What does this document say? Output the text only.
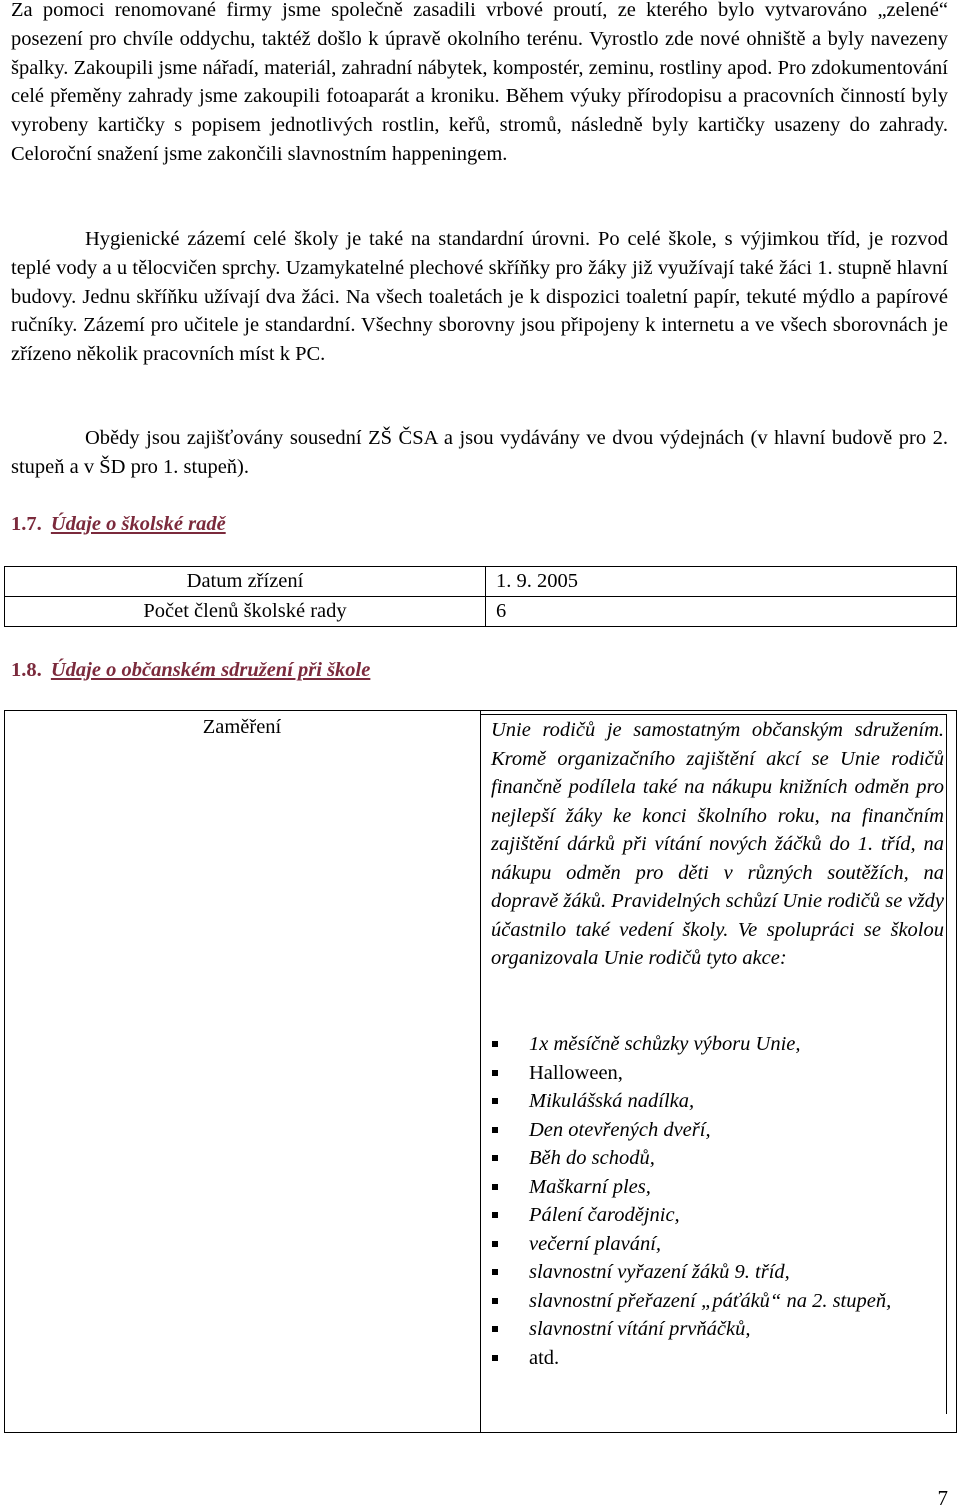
Za pomoci renomované firmy jsme společně zasadili vrbové proutí, ze kterého bylo vytvarováno „zelené“ posezení pro chvíle oddychu, taktéž došlo k úpravě okolního terénu. Vyrostlo zde nové ohniště a byly navezeny špalky. Zakoupili jsme nářadí, materiál, zahradní nábytek, kompostér, zeminu, rostliny apod. Pro zdokumentování celé přeměny zahrady jsme zakoupili fotoaparát a kroniku. Během výuky přírodopisu a pracovních činností byly vyrobeny kartičky s popisem jednotlivých rostlin, keřů, stromů, následně byly kartičky usazeny do zahrady. Celoroční snažení jsme zakončili slavnostním happeningem.

Hygienické zázemí celé školy je také na standardní úrovni. Po celé škole, s výjimkou tříd, je rozvod teplé vody a u tělocvičen sprchy. Uzamykatelné plechové skříňky pro žáky již využívají také žáci 1. stupně hlavní budovy. Jednu skříňku užívají dva žáci. Na všech toaletách je k dispozici toaletní papír, tekuté mýdlo a papírové ručníky. Zázemí pro učitele je standardní. Všechny sborovny jsou připojeny k internetu a ve všech sborovnách je zřízeno několik pracovních míst k PC.

Obědy jsou zajišťovány sousední ZŠ ČSA a jsou vydávány ve dvou výdejnách (v hlavní budově pro 2. stupeň a v ŠD pro 1. stupeň).

1.7. Údaje o školské radě
Datum zřízení	1. 9. 2005
Počet členů školské rady	6
1.8. Údaje o občanském sdružení při škole
Zaměření	Unie rodičů je samostatným občanským sdružením. Kromě organizačního zajištění akcí se Unie rodičů finančně podílela také na nákupu knižních odměn pro nejlepší žáky ke konci školního roku, na finančním zajištění dárků při vítání nových žáčků do 1. tříd, na nákupu odměn pro děti v různých soutěžích, na dopravě žáků. Pravidelných schůzí Unie rodičů se vždy účastnilo také vedení školy. Ve spolupráci se školou organizovala Unie rodičů tyto akce:

1x měsíčně schůzky výboru Unie,
Halloween,
Mikulášská nadílka,
Den otevřených dveří,
Běh do schodů,
Maškarní ples,
Pálení čarodějnic,
večerní plavání,
slavnostní vyřazení žáků 9. tříd,
slavnostní přeřazení „páťáků“ na 2. stupeň,
slavnostní vítání prvňáčků,
atd.
7
